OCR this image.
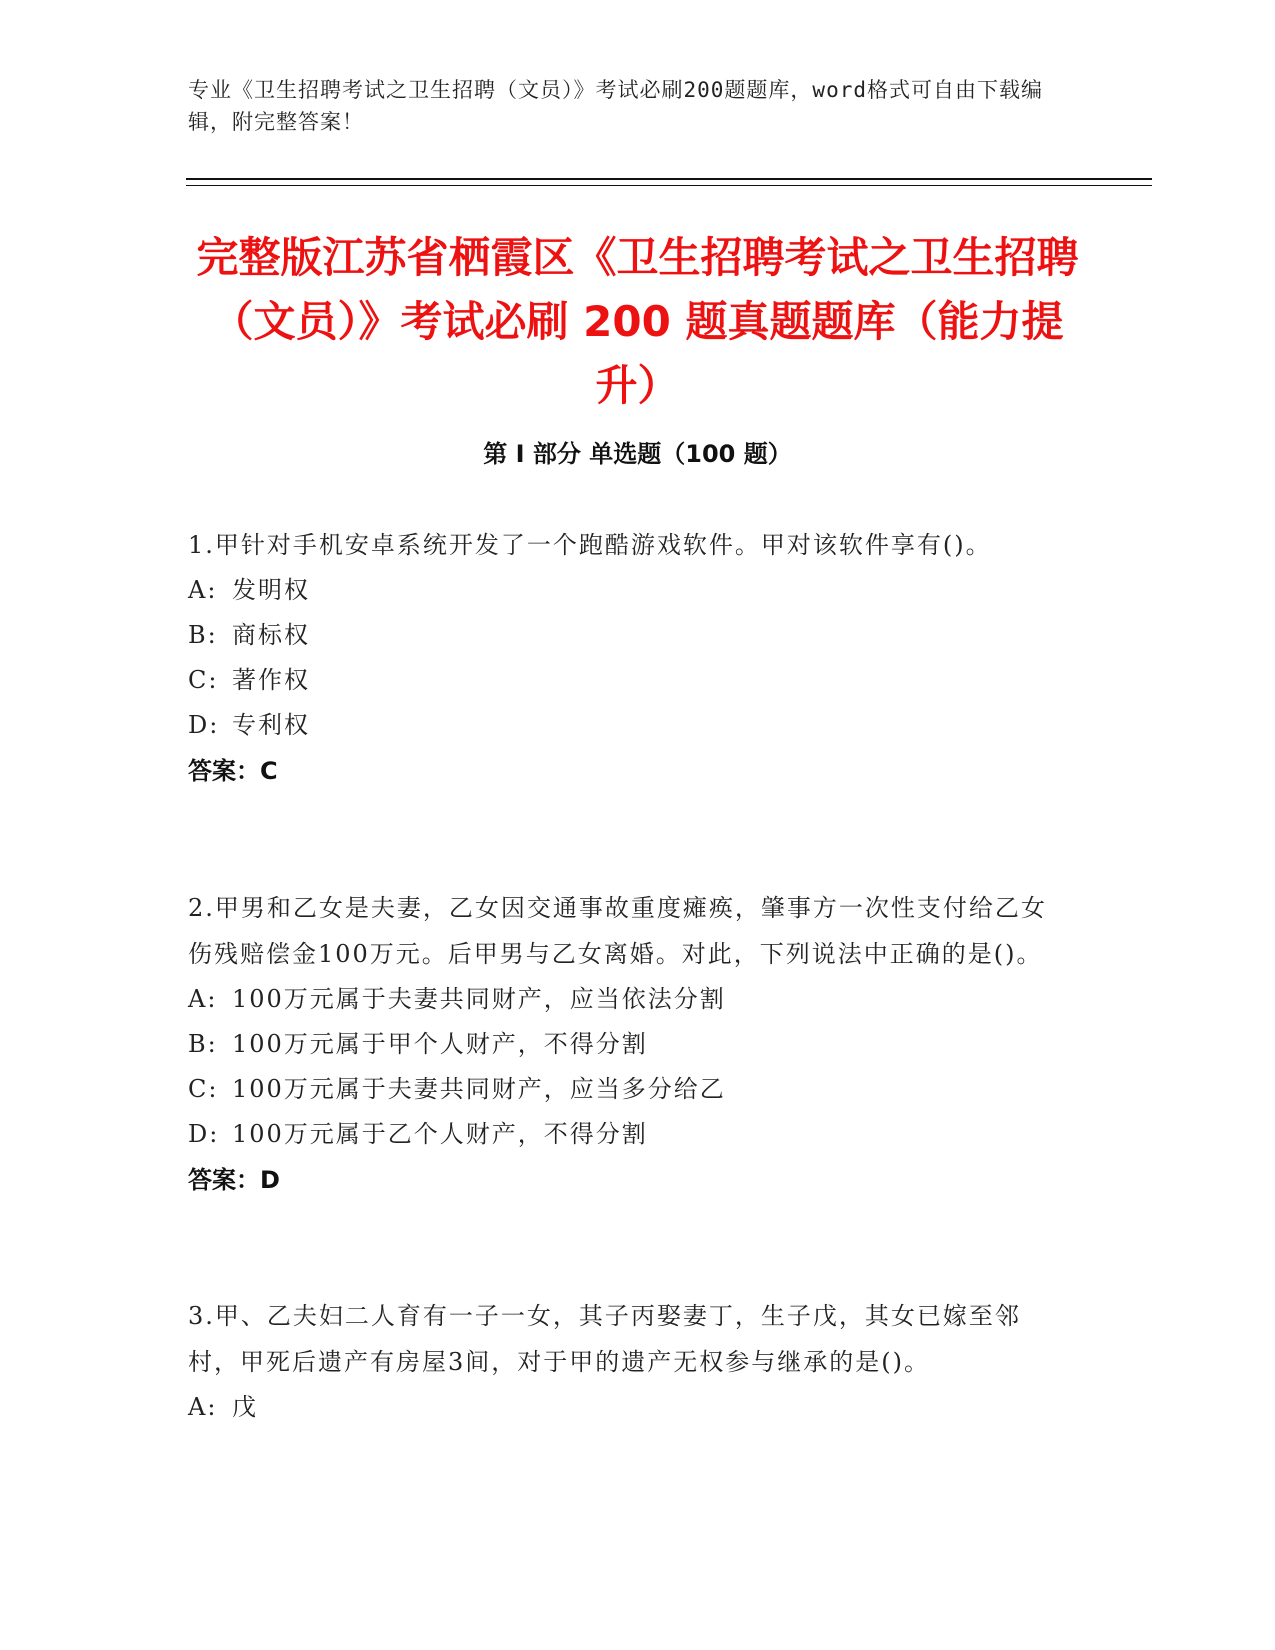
专业《卫生招聘考试之卫生招聘（文员）》考试必刷200题题库，word格式可自由下载编辑，附完整答案！
完整版江苏省栖霞区《卫生招聘考试之卫生招聘（文员）》考试必刷 200 题真题题库（能力提升）
第 I 部分 单选题（100 题）

1.甲针对手机安卓系统开发了一个跑酷游戏软件。甲对该软件享有()。

A: 发明权

B: 商标权

C: 著作权

D: 专利权

答案：C

2.甲男和乙女是夫妻，乙女因交通事故重度瘫痪，肇事方一次性支付给乙女伤残赔偿金100万元。后甲男与乙女离婚。对此，下列说法中正确的是()。

A: 100万元属于夫妻共同财产，应当依法分割

B: 100万元属于甲个人财产，不得分割

C: 100万元属于夫妻共同财产，应当多分给乙

D: 100万元属于乙个人财产，不得分割

答案：D

3.甲、乙夫妇二人育有一子一女，其子丙娶妻丁，生子戊，其女已嫁至邻村，甲死后遗产有房屋3间，对于甲的遗产无权参与继承的是()。

A: 戊
